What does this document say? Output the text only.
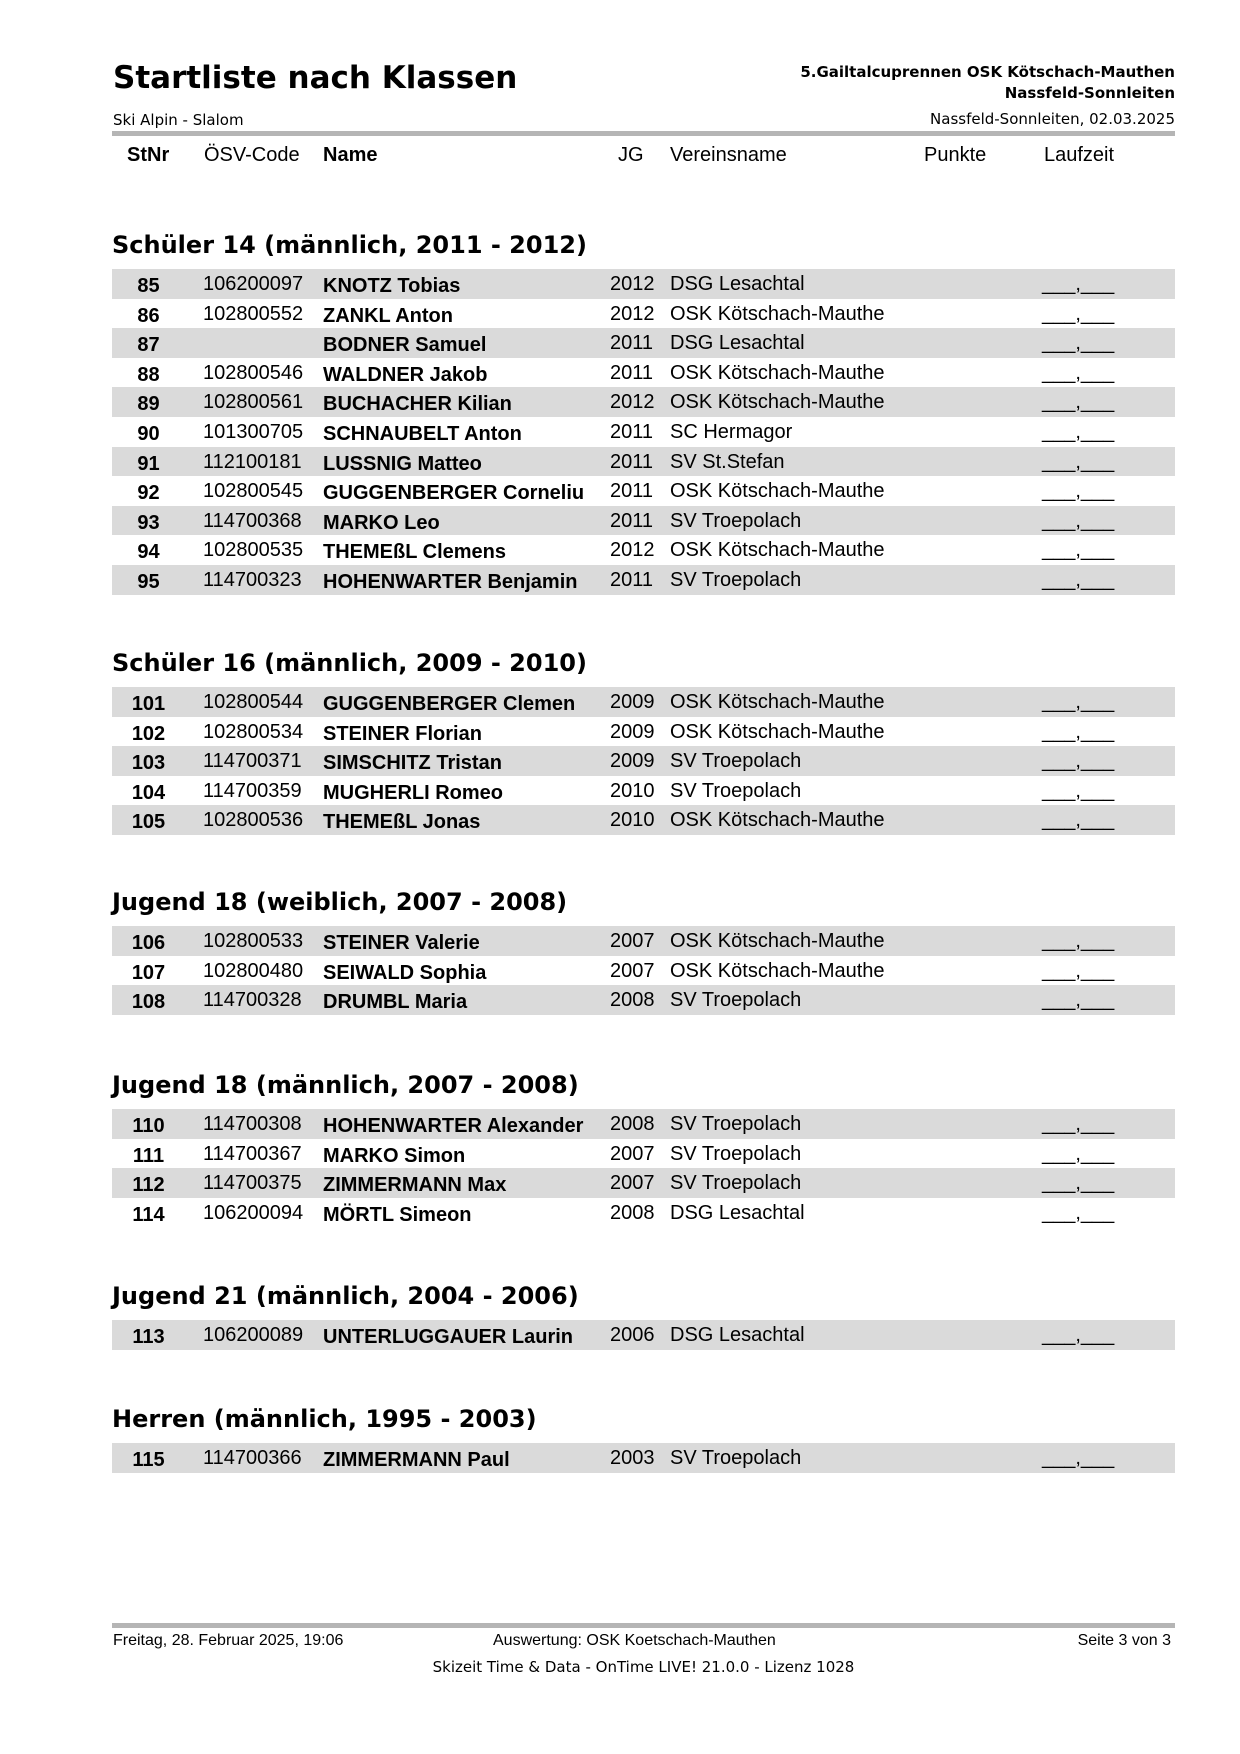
Startliste nach Klassen
Ski Alpin - Slalom
5.Gailtalcuprennen OSK Kötschach-Mauthen
Nassfeld-Sonnleiten
Nassfeld-Sonnleiten, 02.03.2025
StNr ÖSV-Code Name	JG Vereinsname	Punkte	Laufzeit
Schüler 14 (männlich, 2011 - 2012)
85	106200097 KNOTZ Tobias	2012 DSG Lesachtal	___,___
86	102800552 ZANKL Anton	2012 OSK Kötschach-Mauthe	___,___
87	BODNER Samuel	2011 DSG Lesachtal	___,___
88	102800546 WALDNER Jakob	2011 OSK Kötschach-Mauthe	___,___
89	102800561 BUCHACHER Kilian	2012 OSK Kötschach-Mauthe	___,___
90	101300705 SCHNAUBELT Anton	2011 SC Hermagor	___,___
91	112100181 LUSSNIG Matteo	2011 SV St.Stefan	___,___
92	102800545 GUGGENBERGER Corneliu 2011 OSK Kötschach-Mauthe	___,___
93	114700368 MARKO Leo	2011 SV Troepolach	___,___
94	102800535 THEMEßL Clemens	2012 OSK Kötschach-Mauthe	___,___
95	114700323 HOHENWARTER Benjamin 2011 SV Troepolach	___,___
Schüler 16 (männlich, 2009 - 2010)
101	102800544 GUGGENBERGER Clemen 2009 OSK Kötschach-Mauthe	___,___
102	102800534 STEINER Florian	2009 OSK Kötschach-Mauthe	___,___
103	114700371 SIMSCHITZ Tristan	2009 SV Troepolach	___,___
104	114700359 MUGHERLI Romeo	2010 SV Troepolach	___,___
105	102800536 THEMEßL Jonas	2010 OSK Kötschach-Mauthe	___,___
Jugend 18 (weiblich, 2007 - 2008)
106	102800533 STEINER Valerie	2007 OSK Kötschach-Mauthe	___,___
107	102800480 SEIWALD Sophia	2007 OSK Kötschach-Mauthe	___,___
108	114700328 DRUMBL Maria	2008 SV Troepolach	___,___
Jugend 18 (männlich, 2007 - 2008)
110	114700308 HOHENWARTER Alexander 2008 SV Troepolach	___,___
111	114700367 MARKO Simon	2007 SV Troepolach	___,___
112	114700375 ZIMMERMANN Max	2007 SV Troepolach	___,___
114	106200094 MÖRTL Simeon	2008 DSG Lesachtal	___,___
Jugend 21 (männlich, 2004 - 2006)
113	106200089 UNTERLUGGAUER Laurin 2006 DSG Lesachtal	___,___
Herren (männlich, 1995 - 2003)
115	114700366 ZIMMERMANN Paul	2003 SV Troepolach	___,___
Freitag, 28. Februar 2025, 19:06	Auswertung: OSK Koetschach-Mauthen	Seite 3 von 3
Skizeit Time & Data - OnTime LIVE! 21.0.0 - Lizenz 1028
